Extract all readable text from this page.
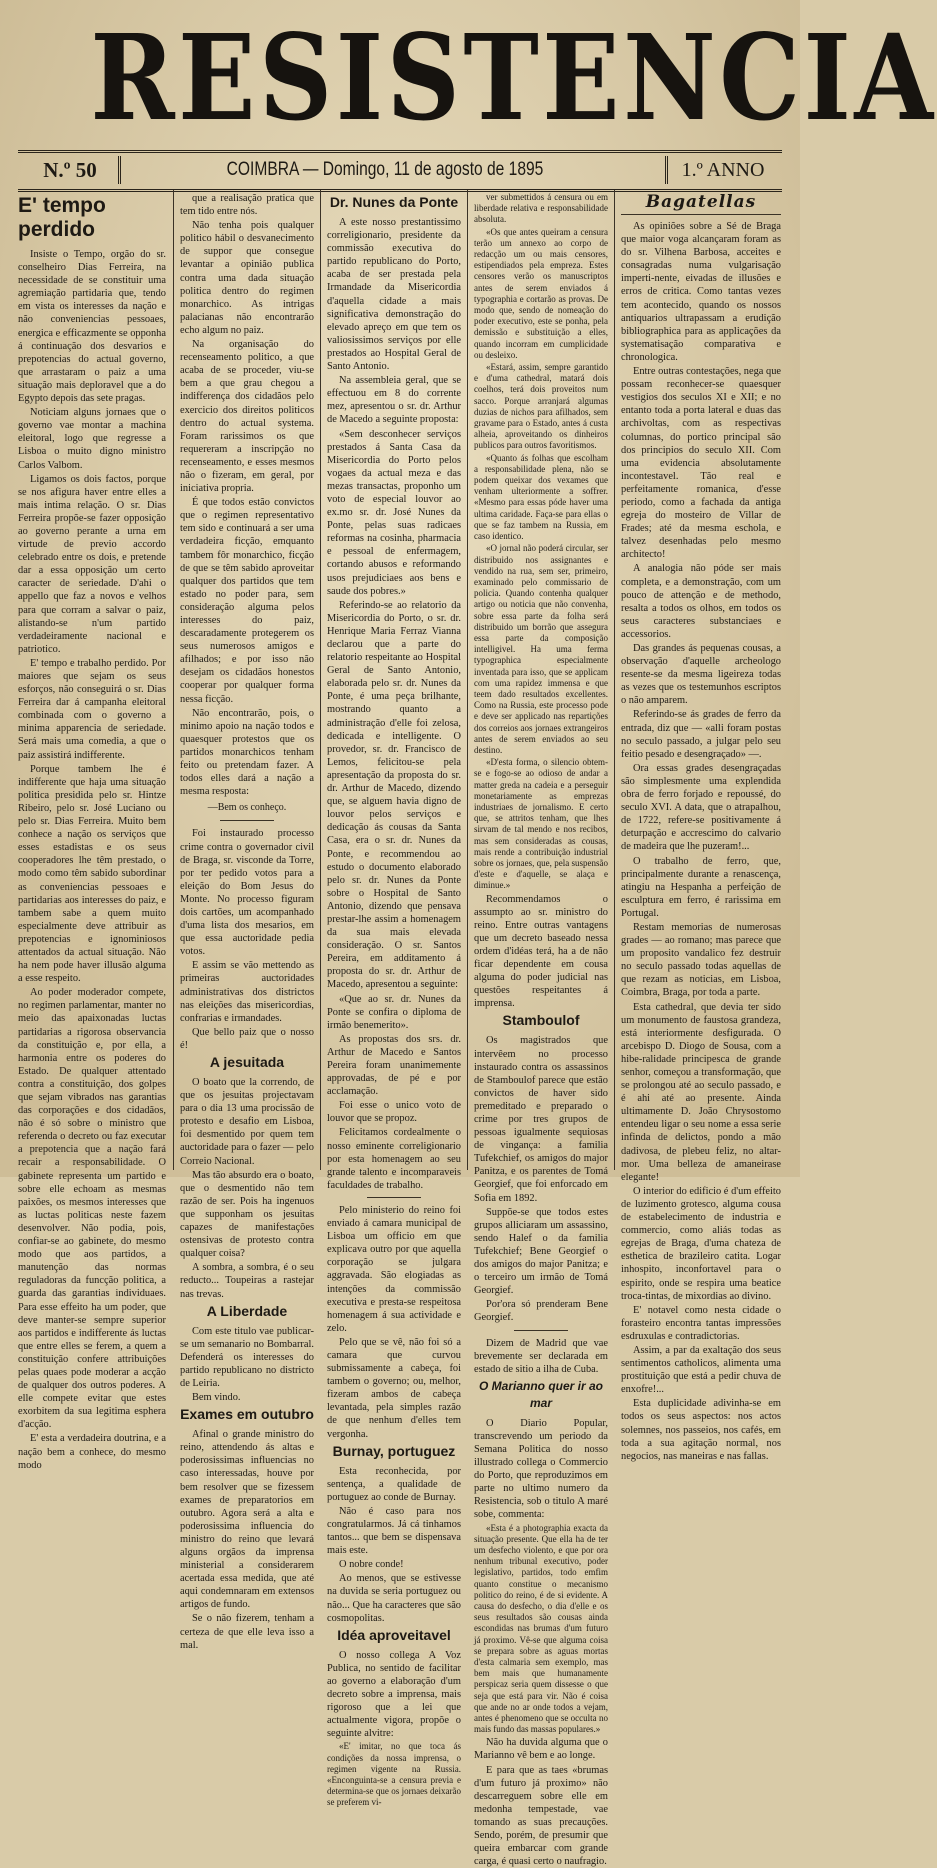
RESISTENCIA
N.º 50	COIMBRA — Domingo, 11 de agosto de 1895	1.º ANNO
E' tempo perdido

Insiste o Tempo, orgão do sr. conselheiro Dias Ferreira, na necessidade de se constituir uma agremiação partidaria que, tendo em vista os interesses da nação e não conveniencias pessoaes, energica e efficazmente se opponha á continuação dos desvarios e prepotencias do actual governo, que arrastaram o paiz a uma situação mais deploravel que a do Egypto depois das sete pragas.

Noticiam alguns jornaes que o governo vae montar a machina eleitoral, logo que regresse a Lisboa o muito digno ministro Carlos Valbom.

Ligamos os dois factos, porque se nos afigura haver entre elles a mais intima relação. O sr. Dias Ferreira propõe-se fazer opposição ao governo perante a urna em virtude de previo accordo celebrado entre os dois, e pretende dar a essa opposição um certo caracter de seriedade. D'ahi o appello que faz a novos e velhos para que corram a salvar o paiz, alistando-se n'um partido verdadeiramente nacional e patriotico.

E' tempo e trabalho perdido. Por maiores que sejam os seus esforços, não conseguirá o sr. Dias Ferreira dar á campanha eleitoral combinada com o governo a minima apparencia de seriedade. Será mais uma comedia, a que o paiz assistirá indifferente.

Porque tambem lhe é indifferente que haja uma situação politica presidida pelo sr. Hintze Ribeiro, pelo sr. José Luciano ou pelo sr. Dias Ferreira. Muito bem conhece a nação os serviços que esses estadistas e os seus cooperadores lhe têm prestado, o modo como têm sabido subordinar as conveniencias pessoaes e partidarias aos interesses do paiz, e tambem sabe a quem muito especialmente deve attribuir as prepotencias e ignominiosos attentados da actual situação. Não ha nem pode haver illusão alguma a esse respeito.

Ao poder moderador compete, no regimen parlamentar, manter no meio das apaixonadas luctas partidarias a rigorosa observancia da constituição e, por ella, a harmonia entre os poderes do Estado. De qualquer attentado contra a constituição, dos golpes que sejam vibrados nas garantias das corporações e dos cidadãos, não é só sobre o ministro que referenda o decreto ou faz executar a prepotencia que a nação fará recair a responsabilidade. O gabinete representa um partido e sobre elle echoam as mesmas paixões, os mesmos interesses que as luctas politicas neste fazem desenvolver. Não podia, pois, confiar-se ao gabinete, do mesmo modo que aos partidos, a manutenção das normas reguladoras da funcção politica, a guarda das garantias individuaes. Para esse effeito ha um poder, que deve manter-se sempre superior aos partidos e indifferente ás luctas que entre elles se ferem, a quem a constituição confere attribuições pelas quaes pode moderar a acção de qualquer dos outros poderes. A elle compete evitar que estes exorbitem da sua legitima esphera d'acção.

E' esta a verdadeira doutrina, e a nação bem a conhece, do mesmo modo

que a realisação pratica que tem tido entre nós.

Não tenha pois qualquer politico hábil o desvanecimento de suppor que consegue levantar a opinião publica contra uma dada situação politica dentro do regimen monarchico. As intrigas palacianas não encontrarão echo algum no paiz.

Na organisação do recenseamento politico, a que acaba de se proceder, viu-se bem a que grau chegou a indifferença dos cidadãos pelo exercicio dos direitos politicos dentro do actual systema. Foram rarissimos os que requereram a inscripção no recenseamento, e esses mesmos não o fizeram, em geral, por iniciativa propria.

É que todos estão convictos que o regimen representativo tem sido e continuará a ser uma verdadeira ficção, emquanto tambem fôr monarchico, ficção de que se têm sabido aproveitar qualquer dos partidos que tem estado no poder para, sem consideração alguma pelos interesses do paiz, descaradamente protegerem os seus numerosos amigos e afilhados; e por isso não desejam os cidadãos honestos cooperar por qualquer forma nessa ficção.

Não encontrarão, pois, o minimo apoio na nação todos e quaesquer protestos que os partidos monarchicos tenham feito ou pretendam fazer. A todos elles dará a nação a mesma resposta:

—Bem os conheço.

Foi instaurado processo crime contra o governador civil de Braga, sr. visconde da Torre, por ter pedido votos para a eleição do Bom Jesus do Monte. No processo figuram dois cartões, um acompanhado d'uma lista dos mesarios, em que essa auctoridade pedia votos.

E assim se vão mettendo as primeiras auctoridades administrativas dos districtos nas eleições das misericordias, confrarias e irmandades.

Que bello paiz que o nosso é!

A jesuitada

O boato que la correndo, de que os jesuitas projectavam para o dia 13 uma procissão de protesto e desafio em Lisboa, foi desmentido por quem tem auctoridade para o fazer — pelo Correio Nacional.

Mas tão absurdo era o boato, que o desmentido não tem razão de ser. Pois ha ingenuos que supponham os jesuitas capazes de manifestações ostensivas de protesto contra qualquer coisa?

A sombra, a sombra, é o seu reducto... Toupeiras a rastejar nas trevas.

A Liberdade

Com este titulo vae publicar-se um semanario no Bombarral. Defenderá os interesses do partido republicano no districto de Leiria.

Bem vindo.

Exames em outubro

Afinal o grande ministro do reino, attendendo ás altas e poderosissimas influencias no caso interessadas, houve por bem resolver que se fizessem exames de preparatorios em outubro. Agora será a alta e poderosissima influencia do ministro do reino que levará alguns orgãos da imprensa ministerial a considerarem acertada essa medida, que até aqui condemnaram em extensos artigos de fundo.

Se o não fizerem, tenham a certeza de que elle leva isso a mal.

Dr. Nunes da Ponte

A este nosso prestantissimo correligionario, presidente da commissão executiva do partido republicano do Porto, acaba de ser prestada pela Irmandade da Misericordia d'aquella cidade a mais significativa demonstração do elevado apreço em que tem os valiosissimos serviços por elle prestados ao Hospital Geral de Santo Antonio.

Na assembleia geral, que se effectuou em 8 do corrente mez, apresentou o sr. dr. Arthur de Macedo a seguinte proposta:

«Sem desconhecer serviços prestados á Santa Casa da Misericordia do Porto pelos vogaes da actual meza e das mezas transactas, proponho um voto de especial louvor ao ex.mo sr. dr. José Nunes da Ponte, pelas suas radicaes reformas na cosinha, pharmacia e pessoal de enfermagem, cortando abusos e reformando usos prejudiciaes aos bens e saude dos pobres.»

Referindo-se ao relatorio da Misericordia do Porto, o sr. dr. Henrique Maria Ferraz Vianna declarou que a parte do relatorio respeitante ao Hospital Geral de Santo Antonio, elaborada pelo sr. dr. Nunes da Ponte, é uma peça brilhante, mostrando quanto a administração d'elle foi zelosa, dedicada e intelligente. O provedor, sr. dr. Francisco de Lemos, felicitou-se pela apresentação da proposta do sr. dr. Arthur de Macedo, dizendo que, se alguem havia digno de louvor pelos serviços e dedicação ás cousas da Santa Casa, era o sr. dr. Nunes da Ponte, e recommendou ao estudo o documento elaborado pelo sr. dr. Nunes da Ponte sobre o Hospital de Santo Antonio, dizendo que pensava prestar-lhe assim a homenagem da sua mais elevada consideração. O sr. Santos Pereira, em additamento á proposta do sr. dr. Arthur de Macedo, apresentou a seguinte:

«Que ao sr. dr. Nunes da Ponte se confira o diploma de irmão benemerito».

As propostas dos srs. dr. Arthur de Macedo e Santos Pereira foram unanimemente approvadas, de pé e por acclamação.

Foi esse o unico voto de louvor que se propoz.

Felicitamos cordealmente o nosso eminente correligionario por esta homenagem ao seu grande talento e incomparaveis faculdades de trabalho.

Pelo ministerio do reino foi enviado á camara municipal de Lisboa um officio em que explicava outro por que aquella corporação se julgara aggravada. São elogiadas as intenções da commissão executiva e presta-se respeitosa homenagem á sua actividade e zelo.

Pelo que se vê, não foi só a camara que curvou submissamente a cabeça, foi tambem o governo; ou, melhor, fizeram ambos de cabeça levantada, pela simples razão de que nenhum d'elles tem vergonha.

Burnay, portuguez

Esta reconhecida, por sentença, a qualidade de portuguez ao conde de Burnay.

Não é caso para nos congratularmos. Já cá tinhamos tantos... que bem se dispensava mais este.

O nobre conde!

Ao menos, que se estivesse na duvida se seria portuguez ou não... Que ha caracteres que são cosmopolitas.

Idéa aproveitavel

O nosso collega A Voz Publica, no sentido de facilitar ao governo a elaboração d'um decreto sobre a imprensa, mais rigoroso que a lei que actualmente vigora, propõe o seguinte alvitre:

«E' imitar, no que toca ás condições da nossa imprensa, o regimen vigente na Russia. «Enconguinta-se a censura previa e determina-se que os jornaes deixarão se preferem vi-

ver submettidos á censura ou em liberdade relativa e responsabilidade absoluta.

«Os que antes queiram a censura terão um annexo ao corpo de redacção um ou mais censores, estipendiados pela empreza. Estes censores verão os manuscriptos antes de serem enviados á typographia e cortarão as provas. De modo que, sendo de nomeação do poder executivo, este se ponha, pela demissão e substituição a elles, quando incorram em cumplicidade ou desleixo.

«Estará, assim, sempre garantido e d'uma cathedral, matará dois coelhos, terá dois proveitos num sacco. Porque arranjará algumas duzias de nichos para afilhados, sem gravame para o Estado, antes á custa alheia, aproveitando os dinheiros publicos para outros favoritismos.

«Quanto ás folhas que escolham a responsabilidade plena, não se podem queixar dos vexames que venham ulteriormente a soffrer. «Mesmo para essas póde haver uma ultima caridade. Faça-se para ellas o que se faz tambem na Russia, em caso identico.

«O jornal não poderá circular, ser distribuido nos assignantes e vendido na rua, sem ser, primeiro, examinado pelo commissario de policia. Quando contenha qualquer artigo ou noticia que não convenha, sobre essa parte da folha será distribuido um borrão que assegura essa parte da composição intelligivel. Ha uma ferma typographica especialmente inventada para isso, que se applicam com uma rapidez immensa e que teem dado resultados excellentes. Como na Russia, este processo pode e deve ser applicado nas repartições dos correios aos jornaes extrangeiros antes de serem enviados ao seu destino.

«D'esta forma, o silencio obtem-se e fogo-se ao odioso de andar a matter greda na cadeia e a perseguir monetariamente as emprezas industriaes de jornalismo. E certo que, se attritos tenham, que lhes sirvam de tal mendo e nos recibos, mas sem consideradas as cousas, mais rende a contribuição industrial sobre os jornaes, que, pela suspensão d'este e d'aquelle, se alaça e diminue.»

Recommendamos o assumpto ao sr. ministro do reino. Entre outras vantagens que um decreto baseado nessa ordem d'idéas terá, ha a de não ficar dependente em cousa alguma do poder judicial nas questões respeitantes á imprensa.

Stamboulof

Os magistrados que intervêem no processo instaurado contra os assassinos de Stamboulof parece que estão convictos de haver sido premeditado e preparado o crime por tres grupos de pessoas igualmente sequiosas de vingança: a familia Tufekchief, os amigos do major Panitza, e os parentes de Tomá Georgief, que foi enforcado em Sofia em 1892.

Suppõe-se que todos estes grupos alliciaram um assassino, sendo Halef o da familia Tufekchief; Bene Georgief o dos amigos do major Panitza; e o terceiro um irmão de Tomá Georgief.

Por'ora só prenderam Bene Georgief.

Dizem de Madrid que vae brevemente ser declarada em estado de sitio a ilha de Cuba.

O Marianno quer ir ao mar

O Diario Popular, transcrevendo um periodo da Semana Politica do nosso illustrado collega o Commercio do Porto, que reproduzimos em parte no ultimo numero da Resistencia, sob o titulo A maré sobe, commenta:

«Esta é a photographia exacta da situação presente. Que ella ha de ter um desfecho violento, e que por ora nenhum tribunal executivo, poder legislativo, partidos, todo emfim quanto constitue o mecanismo politico do reino, é de si evidente. A causa do desfecho, o dia d'elle e os seus resultados são cousas ainda escondidas nas brumas d'um futuro já proximo. Vê-se que alguma coisa se prepara sobre as aguas mortas d'esta calmaria sem exemplo, mas bem mais que humanamente perspicaz seria quem dissesse o que seja que está para vir. Não é coisa que ande no ar onde todos a vejam, antes é phenomeno que se occulta no mais fundo das massas populares.»

Não ha duvida alguma que o Marianno vê bem e ao longe.

E para que as taes «brumas d'um futuro já proximo» não descarreguem sobre elle em medonha tempestade, vae tomando as suas precauções. Sendo, porém, de presumir que queira embarcar com grande carga, é quasi certo o naufragio.

Bagatellas

As opiniões sobre a Sé de Braga que maior voga alcançaram foram as do sr. Vilhena Barbosa, acceites e consagradas numa vulgarisação imperti-nente, eivadas de illusões e erros de critica. Como tantas vezes tem acontecido, quando os nossos antiquarios ultrapassam a erudição bibliographica para as applicações da systematisação comparativa e chronologica.

Entre outras contestações, nega que possam reconhecer-se quaesquer vestigios dos seculos XI e XII; e no entanto toda a porta lateral e duas das archivoltas, com as respectivas columnas, do portico principal são dos principios do seculo XII. Com uma evidencia absolutamente incontestavel. Tão real e perfeitamente romanica, d'esse periodo, como a fachada da antiga egreja do mosteiro de Villar de Frades; até da mesma eschola, e talvez desenhadas pelo mesmo architecto!

A analogia não póde ser mais completa, e a demonstração, com um pouco de attenção e de methodo, resalta a todos os olhos, em todos os seus caracteres substanciaes e accessorios.

Das grandes ás pequenas cousas, a observação d'aquelle archeologo resente-se da mesma ligeireza todas as vezes que os testemunhos escriptos o não amparem.

Referindo-se ás grades de ferro da entrada, diz que — «alli foram postas no seculo passado, a julgar pelo seu feitio pesado e desengraçado» —.

Ora essas grades desengraçadas são simplesmente uma explendida obra de ferro forjado e repoussé, do seculo XVI. A data, que o atrapalhou, de 1722, refere-se positivamente á deturpação e accrescimo do calvario de madeira que lhe puzeram!...

O trabalho de ferro, que, principalmente durante a renascença, atingiu na Hespanha a perfeição de esculptura em ferro, é rarissima em Portugal.

Restam memorias de numerosas grades — ao romano; mas parece que um proposito vandalico fez destruir no seculo passado todas aquellas de que rezam as noticias, em Lisboa, Coimbra, Braga, por toda a parte.

Esta cathedral, que devia ter sido um monumento de faustosa grandeza, está interiormente desfigurada. O arcebispo D. Diogo de Sousa, com a hibe-ralidade principesca de grande senhor, começou a transformação, que se prolongou até ao seculo passado, e é ahi até ao presente. Ainda ultimamente D. João Chrysostomo entendeu ligar o seu nome a essa serie infinda de delictos, pondo a mão dadivosa, de plebeu feliz, no altar-mor. Uma belleza de amaneirase elegante!

O interior do edificio é d'um effeito de luzimento grotesco, alguma cousa de estabelecimento de industria e commercio, como aliás todas as egrejas de Braga, d'uma chateza de esthetica de brazileiro catita. Logar inhospito, inconfortavel para o espirito, onde se respira uma beatice troca-tintas, de mixordias ao divino.

E' notavel como nesta cidade o forasteiro encontra tantas impressões esdruxulas e contradictorias.

Assim, a par da exaltação dos seus sentimentos catholicos, alimenta uma prostituição que está a pedir chuva de enxofre!...

Esta duplicidade adivinha-se em todos os seus aspectos: nos actos solemnes, nos passeios, nos cafés, em toda a sua agitação normal, nos negocios, nas maneiras e nas fallas.
